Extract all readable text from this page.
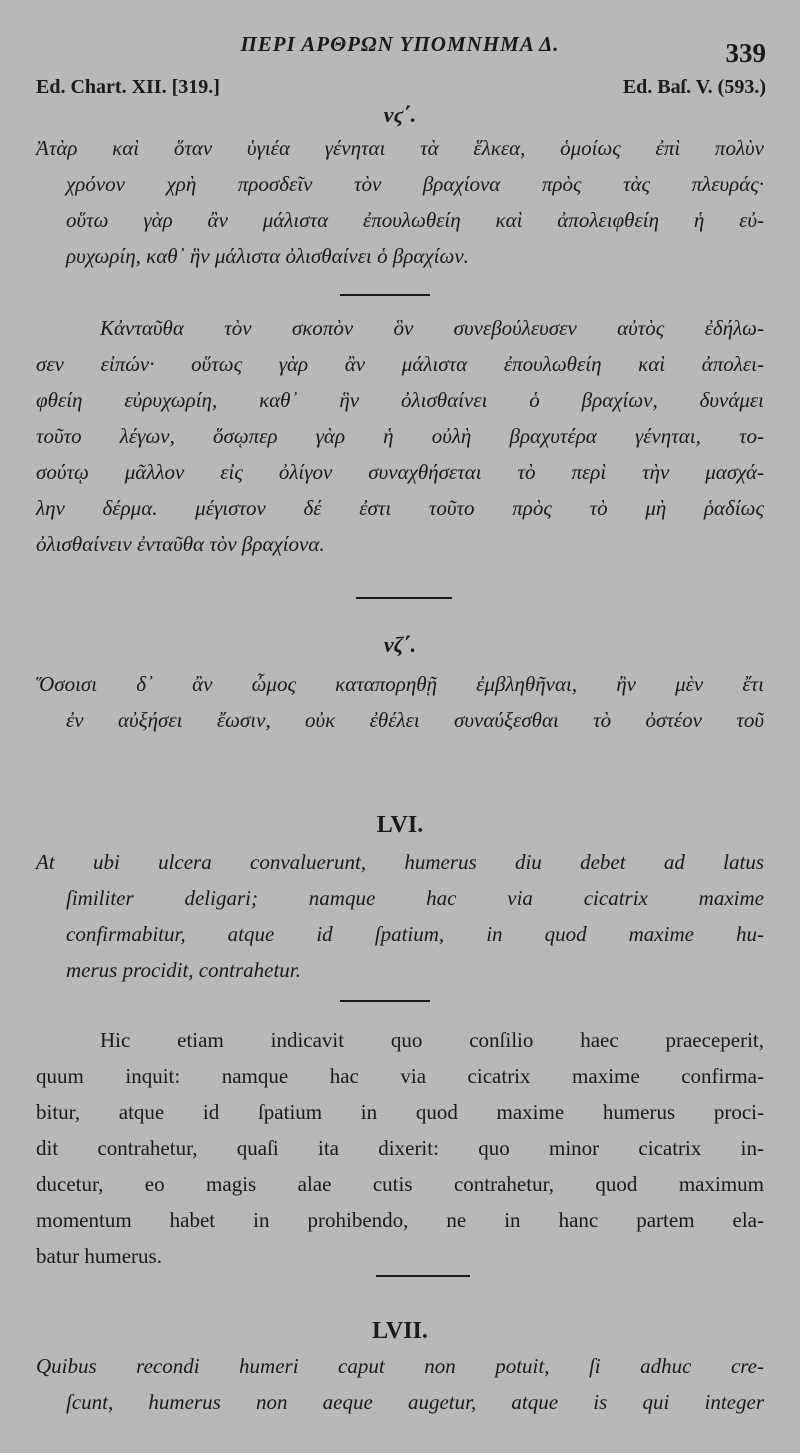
ΠΕΡΙ ΑΡΘΡΩΝ ΥΠΟΜΝΗΜΑ Δ.	339
Ed. Chart. XII. [319.]	Ed. Baſ. V. (593.)
νϛ΄.
Ἀτὰρ καὶ ὅταν ὑγιέα γένηται τὰ ἕλκεα, ὁμοίως ἐπὶ πολὺν
χρόνον χρὴ προσδεῖν τὸν βραχίονα πρὸς τὰς πλευράς·
οὕτω γὰρ ἂν μάλιστα ἐπουλωθείη καὶ ἀπολειφθείη ἡ εὐ-
ρυχωρίη, καθ᾽ ἣν μάλιστα ὀλισθαίνει ὁ βραχίων.
Κἀνταῦθα τὸν σκοπὸν ὃν συνεβούλευσεν αὐτὸς ἐδήλω-
σεν εἰπών· οὕτως γὰρ ἂν μάλιστα ἐπουλωθείη καὶ ἀπολει-
φθείη εὐρυχωρίη, καθ᾽ ἣν ὀλισθαίνει ὁ βραχίων, δυνάμει
τοῦτο λέγων, ὅσῳπερ γὰρ ἡ οὐλὴ βραχυτέρα γένηται, το-
σούτῳ μᾶλλον εἰς ὀλίγον συναχθήσεται τὸ περὶ τὴν μασχά-
λην δέρμα. μέγιστον δέ ἐστι τοῦτο πρὸς τὸ μὴ ῥαδίως
ὀλισθαίνειν ἐνταῦθα τὸν βραχίονα.
νζ΄.
Ὅσοισι δ᾽ ἂν ὦμος καταπορηθῇ ἐμβληθῆναι, ἢν μὲν ἔτι
ἐν αὐξήσει ἔωσιν, οὐκ ἐθέλει συναύξεσθαι τὸ ὀστέον τοῦ
LVI.
At ubi ulcera convaluerunt, humerus diu debet ad latus
ſimiliter deligari; namque hac via cicatrix maxime
confirmabitur, atque id ſpatium, in quod maxime hu-
merus procidit, contrahetur.
Hic etiam indicavit quo conſilio haec praeceperit,
quum inquit: namque hac via cicatrix maxime confirma-
bitur, atque id ſpatium in quod maxime humerus proci-
dit contrahetur, quaſi ita dixerit: quo minor cicatrix in-
ducetur, eo magis alae cutis contrahetur, quod maximum
momentum habet in prohibendo, ne in hanc partem ela-
batur humerus.
LVII.
Quibus recondi humeri caput non potuit, ſi adhuc cre-
ſcunt, humerus non aeque augetur, atque is qui integer
